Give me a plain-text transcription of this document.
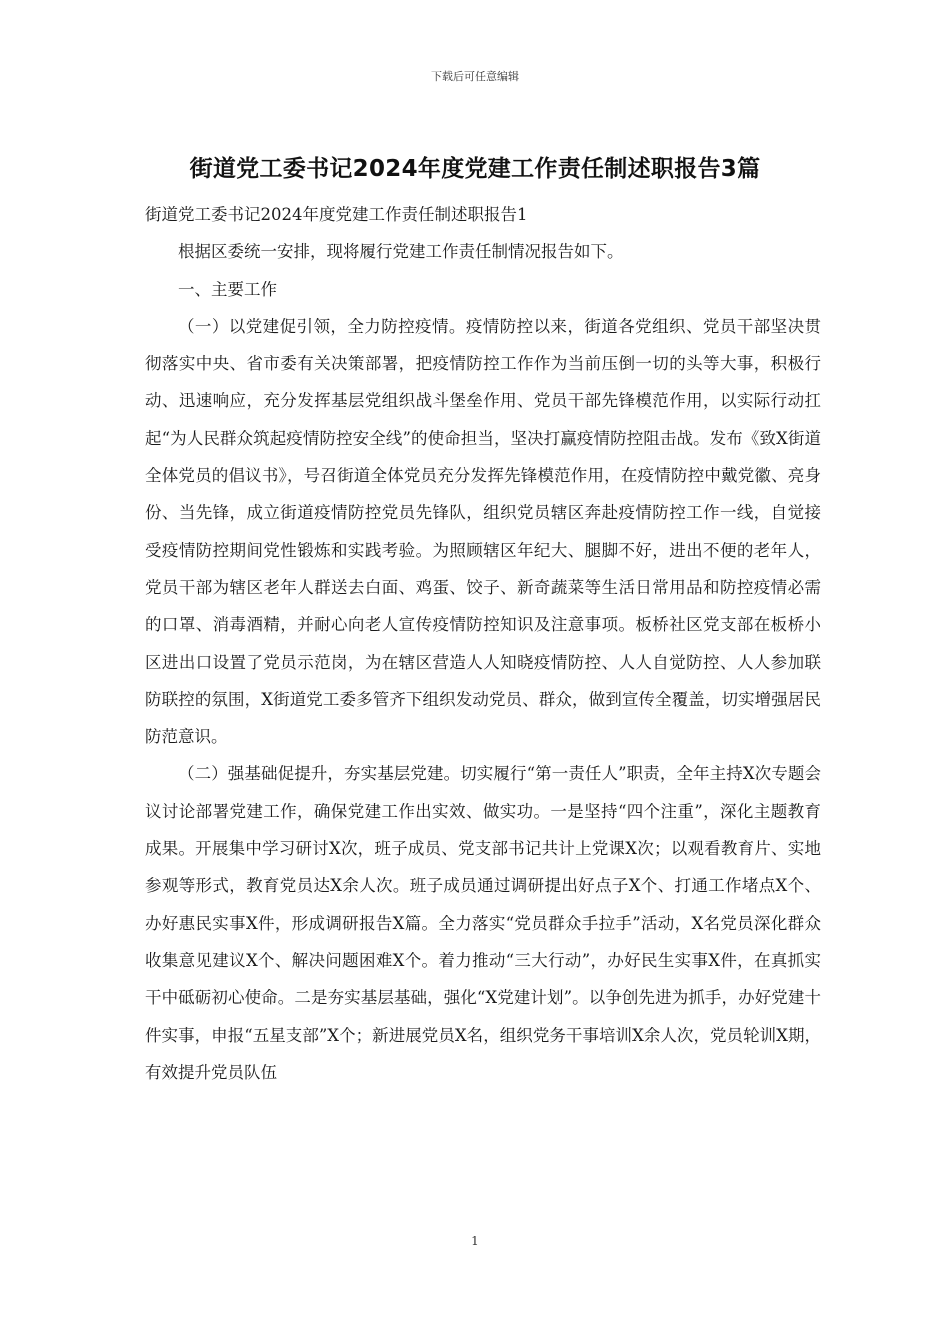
下载后可任意编辑
街道党工委书记2024年度党建工作责任制述职报告3篇

街道党工委书记2024年度党建工作责任制述职报告1

根据区委统一安排，现将履行党建工作责任制情况报告如下。

一、主要工作

（一）以党建促引领，全力防控疫情。疫情防控以来，街道各党组织、党员干部坚决贯彻落实中央、省市委有关决策部署，把疫情防控工作作为当前压倒一切的头等大事，积极行动、迅速响应，充分发挥基层党组织战斗堡垒作用、党员干部先锋模范作用，以实际行动扛起“为人民群众筑起疫情防控安全线”的使命担当，坚决打赢疫情防控阻击战。发布《致X街道全体党员的倡议书》，号召街道全体党员充分发挥先锋模范作用，在疫情防控中戴党徽、亮身份、当先锋，成立街道疫情防控党员先锋队，组织党员辖区奔赴疫情防控工作一线，自觉接受疫情防控期间党性锻炼和实践考验。为照顾辖区年纪大、腿脚不好，进出不便的老年人，党员干部为辖区老年人群送去白面、鸡蛋、饺子、新奇蔬菜等生活日常用品和防控疫情必需的口罩、消毒酒精，并耐心向老人宣传疫情防控知识及注意事项。板桥社区党支部在板桥小区进出口设置了党员示范岗，为在辖区营造人人知晓疫情防控、人人自觉防控、人人参加联防联控的氛围，X街道党工委多管齐下组织发动党员、群众，做到宣传全覆盖，切实增强居民防范意识。

（二）强基础促提升，夯实基层党建。切实履行“第一责任人”职责，全年主持X次专题会议讨论部署党建工作，确保党建工作出实效、做实功。一是坚持“四个注重”，深化主题教育成果。开展集中学习研讨X次，班子成员、党支部书记共计上党课X次；以观看教育片、实地参观等形式，教育党员达X余人次。班子成员通过调研提出好点子X个、打通工作堵点X个、办好惠民实事X件，形成调研报告X篇。全力落实“党员群众手拉手”活动，X名党员深化群众收集意见建议X个、解决问题困难X个。着力推动“三大行动”，办好民生实事X件，在真抓实干中砥砺初心使命。二是夯实基层基础，强化“X党建计划”。以争创先进为抓手，办好党建十件实事，申报“五星支部”X个；新进展党员X名，组织党务干事培训X余人次，党员轮训X期，有效提升党员队伍

1
